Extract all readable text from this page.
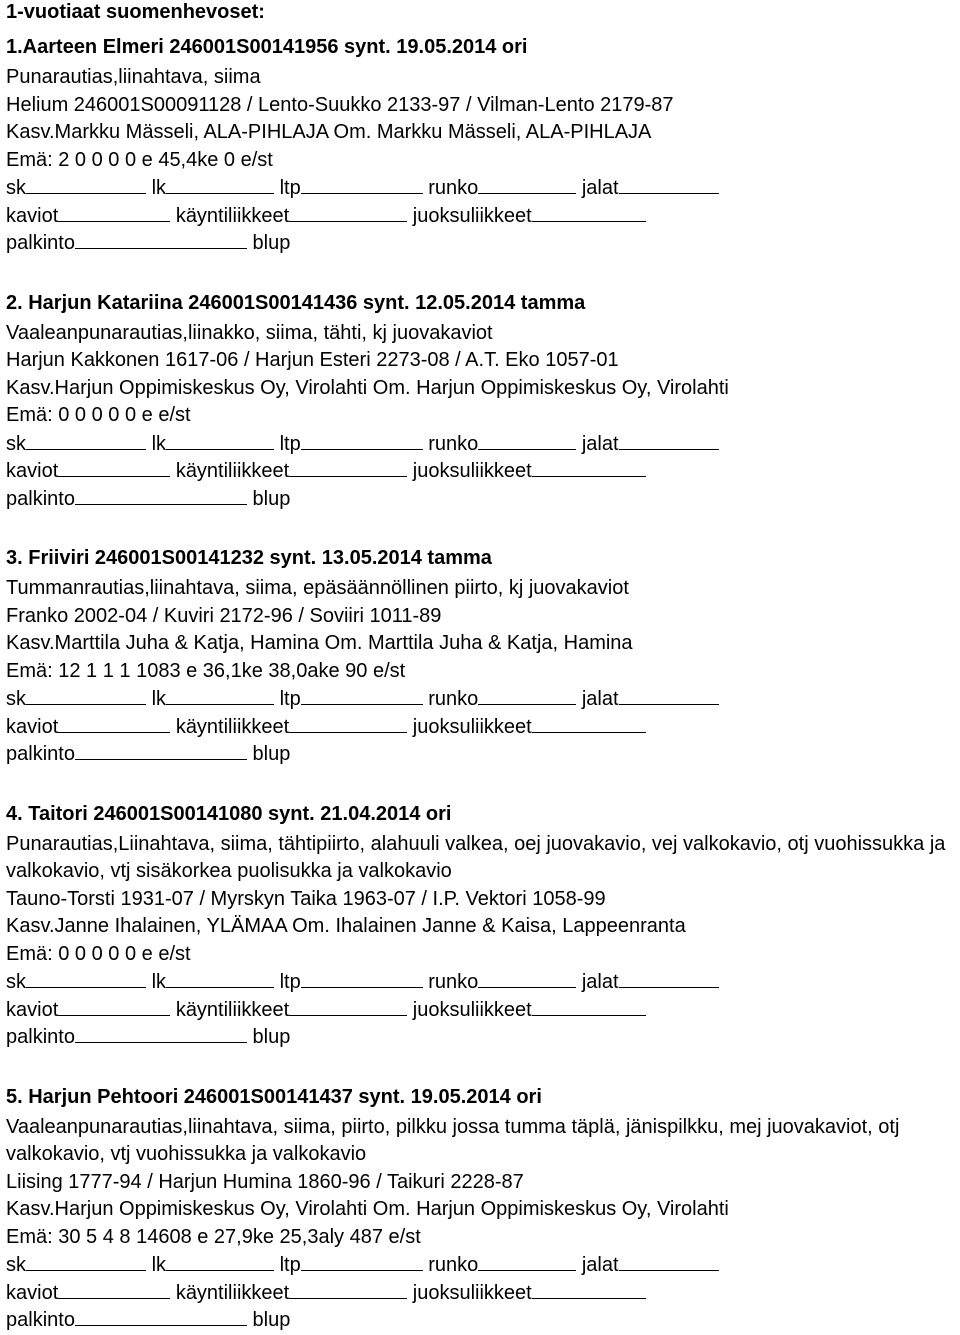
1-vuotiaat suomenhevoset:
1.Aarteen Elmeri 246001S00141956 synt. 19.05.2014 ori
Punarautias,liinahtava, siima
Helium 246001S00091128 / Lento-Suukko 2133-97 / Vilman-Lento 2179-87
Kasv.Markku Mässeli, ALA-PIHLAJA Om. Markku Mässeli, ALA-PIHLAJA
Emä: 2 0 0 0 0 e 45,4ke 0 e/st
sk	lk	ltp	runko	jalat
kaviot	käyntiliikkeet	juoksuliikkeet
palkinto	blup
2. Harjun Katariina 246001S00141436 synt. 12.05.2014 tamma
Vaaleanpunarautias,liinakko, siima, tähti, kj juovakaviot
Harjun Kakkonen 1617-06 / Harjun Esteri 2273-08 / A.T. Eko 1057-01
Kasv.Harjun Oppimiskeskus Oy, Virolahti Om. Harjun Oppimiskeskus Oy, Virolahti
Emä: 0 0 0 0 0 e e/st
sk	lk	ltp	runko	jalat
kaviot	käyntiliikkeet	juoksuliikkeet
palkinto	blup
3. Friiviri 246001S00141232 synt. 13.05.2014 tamma
Tummanrautias,liinahtava, siima, epäsäännöllinen piirto, kj juovakaviot
Franko 2002-04 / Kuviri 2172-96 / Soviiri 1011-89
Kasv.Marttila Juha & Katja, Hamina Om. Marttila Juha & Katja, Hamina
Emä: 12 1 1 1 1083 e 36,1ke 38,0ake 90 e/st
sk	lk	ltp	runko	jalat
kaviot	käyntiliikkeet	juoksuliikkeet
palkinto	blup
4. Taitori 246001S00141080 synt. 21.04.2014 ori
Punarautias,Liinahtava, siima, tähtipiirto, alahuuli valkea, oej juovakavio, vej valkokavio, otj vuohissukka ja valkokavio, vtj sisäkorkea puolisukka ja valkokavio
Tauno-Torsti 1931-07 / Myrskyn Taika 1963-07 / I.P. Vektori 1058-99
Kasv.Janne Ihalainen, YLÄMAA Om. Ihalainen Janne & Kaisa, Lappeenranta
Emä: 0 0 0 0 0 e e/st
sk	lk	ltp	runko	jalat
kaviot	käyntiliikkeet	juoksuliikkeet
palkinto	blup
5. Harjun Pehtoori 246001S00141437 synt. 19.05.2014 ori
Vaaleanpunarautias,liinahtava, siima, piirto, pilkku jossa tumma täplä, jänispilkku, mej juovakaviot, otj valkokavio, vtj vuohissukka ja valkokavio
Liising 1777-94 / Harjun Humina 1860-96 / Taikuri 2228-87
Kasv.Harjun Oppimiskeskus Oy, Virolahti Om. Harjun Oppimiskeskus Oy, Virolahti
Emä: 30 5 4 8 14608 e 27,9ke 25,3aly 487 e/st
sk	lk	ltp	runko	jalat
kaviot	käyntiliikkeet	juoksuliikkeet
palkinto	blup
